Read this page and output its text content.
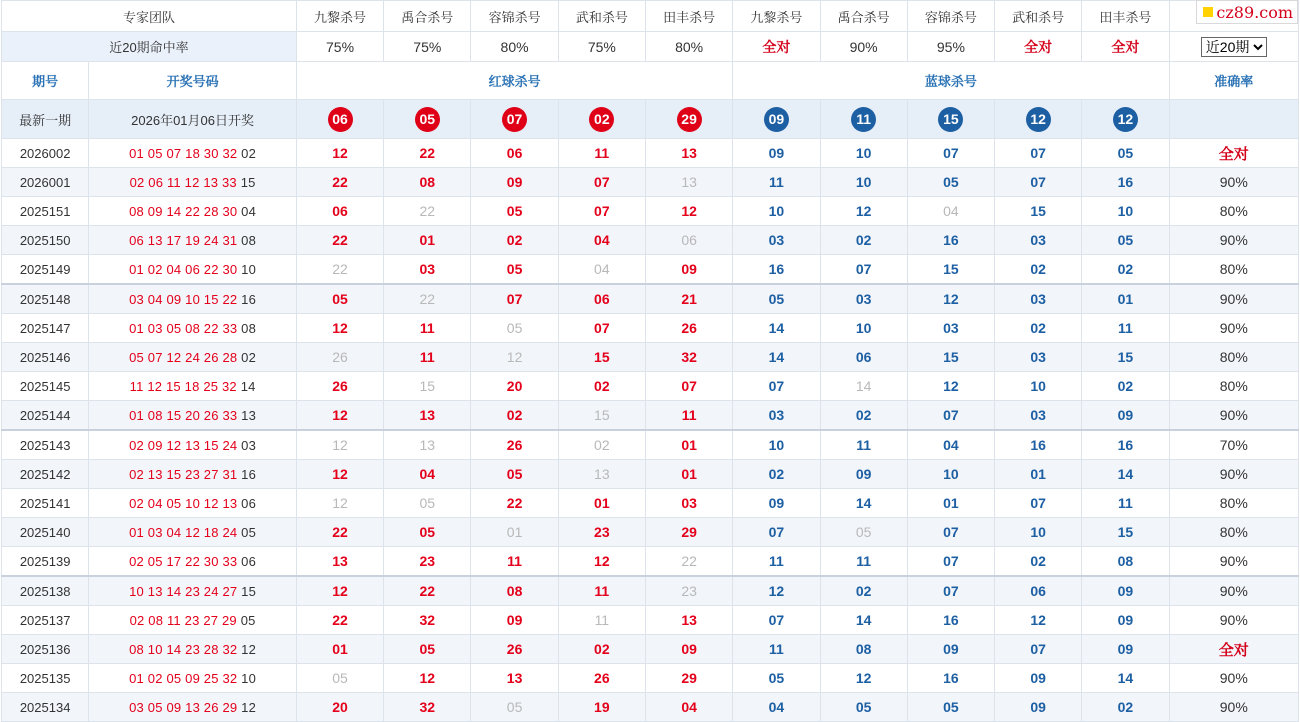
cz89.com
专家团队		九黎杀号	禹合杀号	容锦杀号	武和杀号	田丰杀号	九黎杀号	禹合杀号	容锦杀号	武和杀号	田丰杀号	
近20期命中率		75%	75%	80%	75%	80%	全对	90%	95%	全对	全对	
近20期
期号	开奖号码	红球杀号					蓝球杀号					准确率
最新一期	2026年01月06日开奖	06	05	07	02	29	09	11	15	12	12	
2026002	01 05 07 18 30 32 02	12	22	06	11	13	09	10	07	07	05	全对
2026001	02 06 11 12 13 33 15	22	08	09	07	13	11	10	05	07	16	90%
2025151	08 09 14 22 28 30 04	06	22	05	07	12	10	12	04	15	10	80%
2025150	06 13 17 19 24 31 08	22	01	02	04	06	03	02	16	03	05	90%
2025149	01 02 04 06 22 30 10	22	03	05	04	09	16	07	15	02	02	80%
2025148	03 04 09 10 15 22 16	05	22	07	06	21	05	03	12	03	01	90%
2025147	01 03 05 08 22 33 08	12	11	05	07	26	14	10	03	02	11	90%
2025146	05 07 12 24 26 28 02	26	11	12	15	32	14	06	15	03	15	80%
2025145	11 12 15 18 25 32 14	26	15	20	02	07	07	14	12	10	02	80%
2025144	01 08 15 20 26 33 13	12	13	02	15	11	03	02	07	03	09	90%
2025143	02 09 12 13 15 24 03	12	13	26	02	01	10	11	04	16	16	70%
2025142	02 13 15 23 27 31 16	12	04	05	13	01	02	09	10	01	14	90%
2025141	02 04 05 10 12 13 06	12	05	22	01	03	09	14	01	07	11	80%
2025140	01 03 04 12 18 24 05	22	05	01	23	29	07	05	07	10	15	80%
2025139	02 05 17 22 30 33 06	13	23	11	12	22	11	11	07	02	08	90%
2025138	10 13 14 23 24 27 15	12	22	08	11	23	12	02	07	06	09	90%
2025137	02 08 11 23 27 29 05	22	32	09	11	13	07	14	16	12	09	90%
2025136	08 10 14 23 28 32 12	01	05	26	02	09	11	08	09	07	09	全对
2025135	01 02 05 09 25 32 10	05	12	13	26	29	05	12	16	09	14	90%
2025134	03 05 09 13 26 29 12	20	32	05	19	04	04	05	05	09	02	90%
